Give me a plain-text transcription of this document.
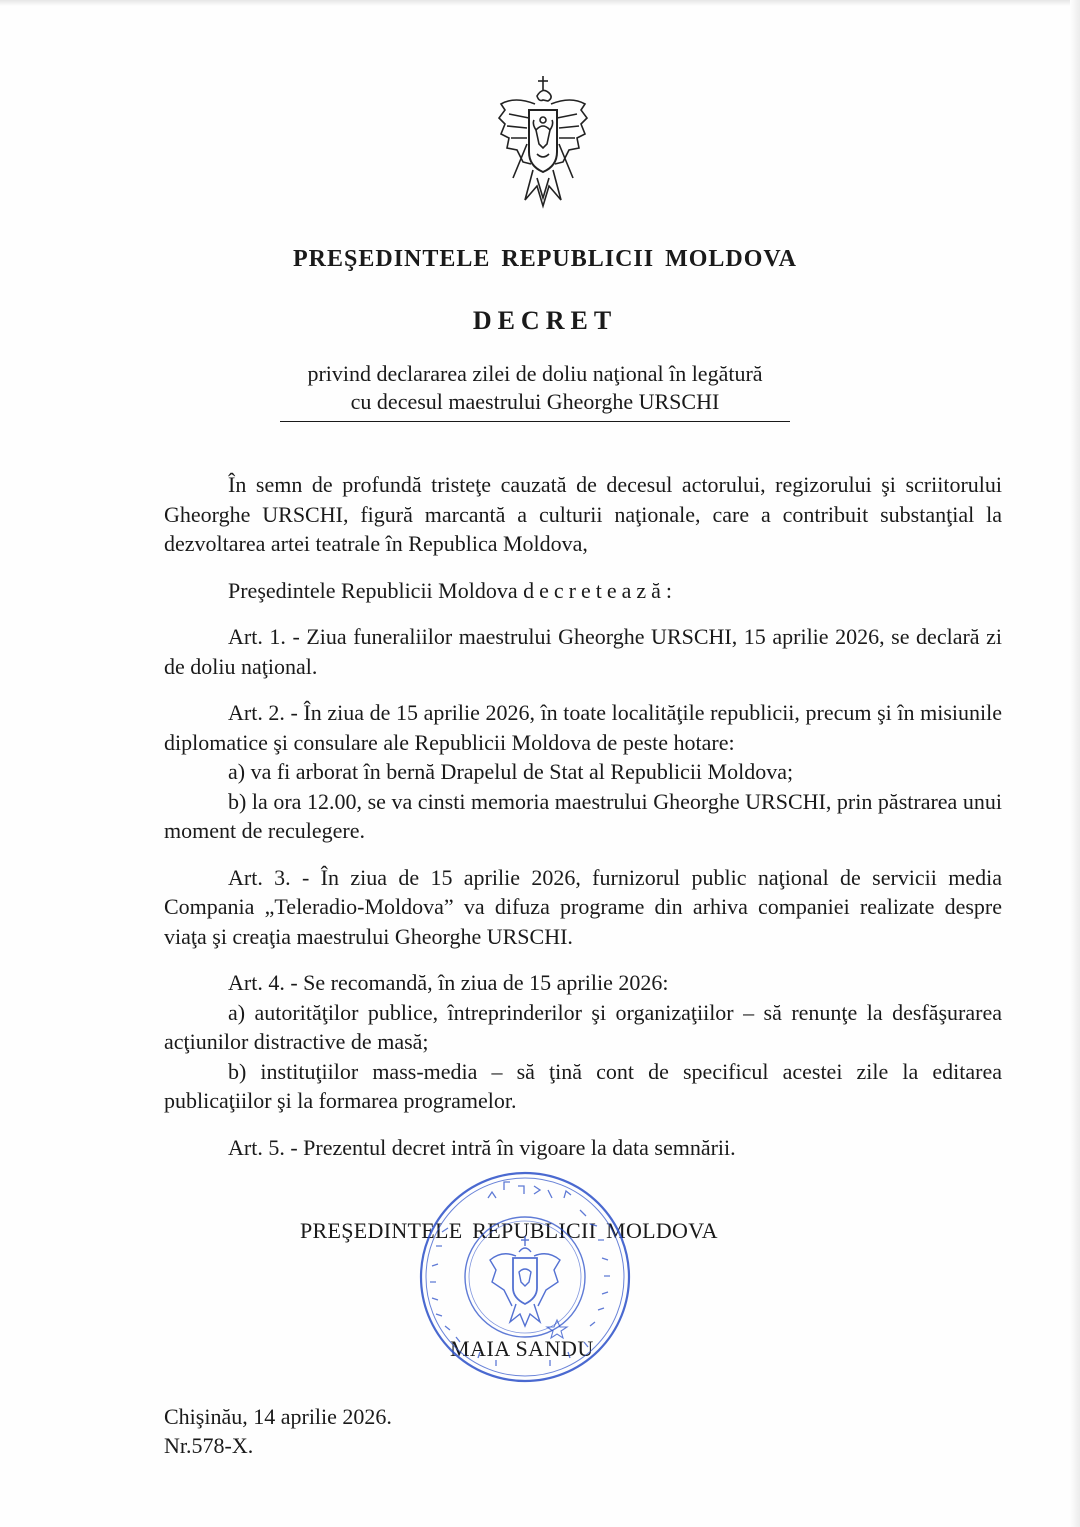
PREŞEDINTELE REPUBLICII MOLDOVA
DECRET
privind declararea zilei de doliu naţional în legătură
cu decesul maestrului Gheorghe URSCHI

În semn de profundă tristeţe cauzată de decesul actorului, regizorului şi scriitorului Gheorghe URSCHI, figură marcantă a culturii naţionale, care a contribuit substanţial la dezvoltarea artei teatrale în Republica Moldova,

Preşedintele Republicii Moldova decretează:

Art. 1. - Ziua funeraliilor maestrului Gheorghe URSCHI, 15 aprilie 2026, se declară zi de doliu naţional.

Art. 2. - În ziua de 15 aprilie 2026, în toate localităţile republicii, precum şi în misiunile diplomatice şi consulare ale Republicii Moldova de peste hotare:

a) va fi arborat în bernă Drapelul de Stat al Republicii Moldova;

b) la ora 12.00, se va cinsti memoria maestrului Gheorghe URSCHI, prin păstrarea unui moment de reculegere.

Art. 3. - În ziua de 15 aprilie 2026, furnizorul public naţional de servicii media Compania „Teleradio-Moldova” va difuza programe din arhiva companiei realizate despre viaţa şi creaţia maestrului Gheorghe URSCHI.

Art. 4. - Se recomandă, în ziua de 15 aprilie 2026:

a) autorităţilor publice, întreprinderilor şi organizaţiilor – să renunţe la desfăşurarea acţiunilor distractive de masă;

b) instituţiilor mass-media – să ţină cont de specificul acestei zile la editarea publicaţiilor şi la formarea programelor.

Art. 5. - Prezentul decret intră în vigoare la data semnării.

PREŞEDINTELE REPUBLICII MOLDOVA
MAIA SANDU
Chişinău, 14 aprilie 2026.
Nr.578-X.
